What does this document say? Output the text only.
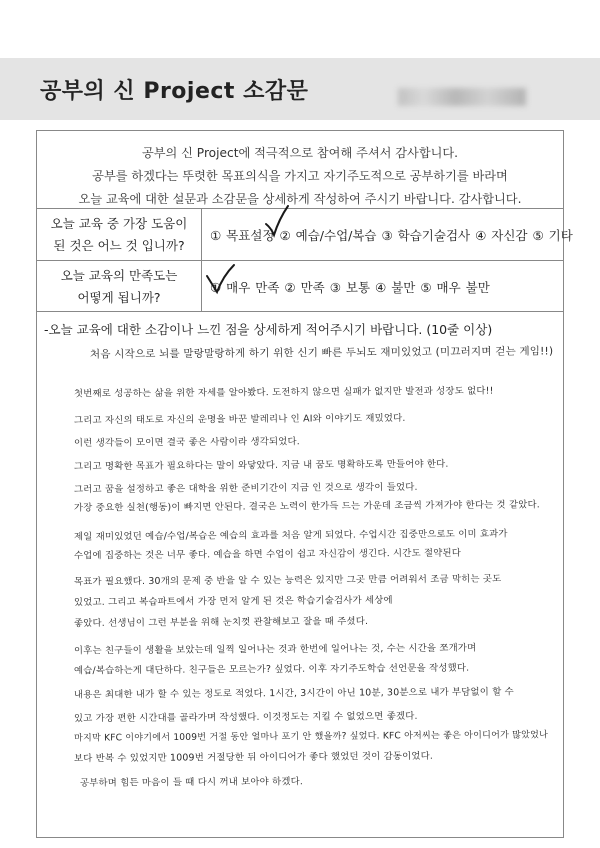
공부의 신 Project 소감문
공부의 신 Project에 적극적으로 참여해 주셔서 감사합니다.
공부를 하겠다는 뚜렷한 목표의식을 가지고 자기주도적으로 공부하기를 바라며
오늘 교육에 대한 설문과 소감문을 상세하게 작성하여 주시기 바랍니다. 감사합니다.
오늘 교육 중 가장 도움이
된 것은 어느 것 입니까?
① 목표설정 ② 예습/수업/복습 ③ 학습기술검사 ④ 자신감 ⑤ 기타
오늘 교육의 만족도는
어떻게 됩니까?
① 매우 만족 ② 만족 ③ 보통 ④ 불만 ⑤ 매우 불만
-오늘 교육에 대한 소감이나 느낀 점을 상세하게 적어주시기 바랍니다. (10줄 이상)
처음 시작으로 뇌를 말랑말랑하게 하기 위한 신기 빠른 두뇌도 재미있었고 (미끄러지며 걷는 게임!!)
첫번째로 성공하는 삶을 위한 자세를 알아봤다. 도전하지 않으면 실패가 없지만 발전과 성장도 없다!!
그리고 자신의 태도로 자신의 운명을 바꾼 발레리나 인 AI와 이야기도 재밌었다.
이런 생각들이 모이면 결국 좋은 사람이라 생각되었다.
그리고 명확한 목표가 필요하다는 말이 와닿았다. 지금 내 꿈도 명확하도록 만들어야 한다.
그러고 꿈을 설정하고 좋은 대학을 위한 준비기간이 지금 인 것으로 생각이 들었다.
가장 중요한 실천(행동)이 빠지면 안된다. 결국은 노력이 한가득 드는 가운데 조금씩 가져가야 한다는 것 같았다.
제일 재미있었던 예습/수업/복습은 예습의 효과를 처음 알게 되었다. 수업시간 집중만으로도 이미 효과가
수업에 집중하는 것은 너무 좋다. 예습을 하면 수업이 쉽고 자신감이 생긴다. 시간도 절약된다
목표가 필요했다. 30개의 문제 중 반을 알 수 있는 능력은 있지만 그곳 만큼 어려워서 조금 막히는 곳도
있었고. 그리고 복습파트에서 가장 먼저 알게 된 것은 학습기술검사가 세상에
좋았다. 선생님이 그런 부분을 위해 눈치껏 관찰해보고 잘을 때 주셨다.
이후는 친구들이 생활을 보았는데 일찍 일어나는 것과 한번에 일어나는 것, 수는 시간을 쪼개가며
예습/복습하는게 대단하다. 친구들은 모르는가? 싶었다. 이후 자기주도학습 선언문을 작성했다.
내용은 최대한 내가 할 수 있는 정도로 적었다. 1시간, 3시간이 아닌 10분, 30분으로 내가 부담없이 할 수
있고 가장 편한 시간대를 골라가며 작성했다. 이것정도는 지킬 수 없었으면 좋겠다.
마지막 KFC 이야기에서 1009번 거절 동안 얼마나 포기 안 했을까? 싶었다. KFC 아저씨는 좋은 아이디어가 많았었나
보다 반복 수 있었지만 1009번 거절당한 뒤 아이디어가 좋다 했었던 것이 감동이었다.
공부하며 힘든 마음이 들 때 다시 꺼내 보아야 하겠다.
